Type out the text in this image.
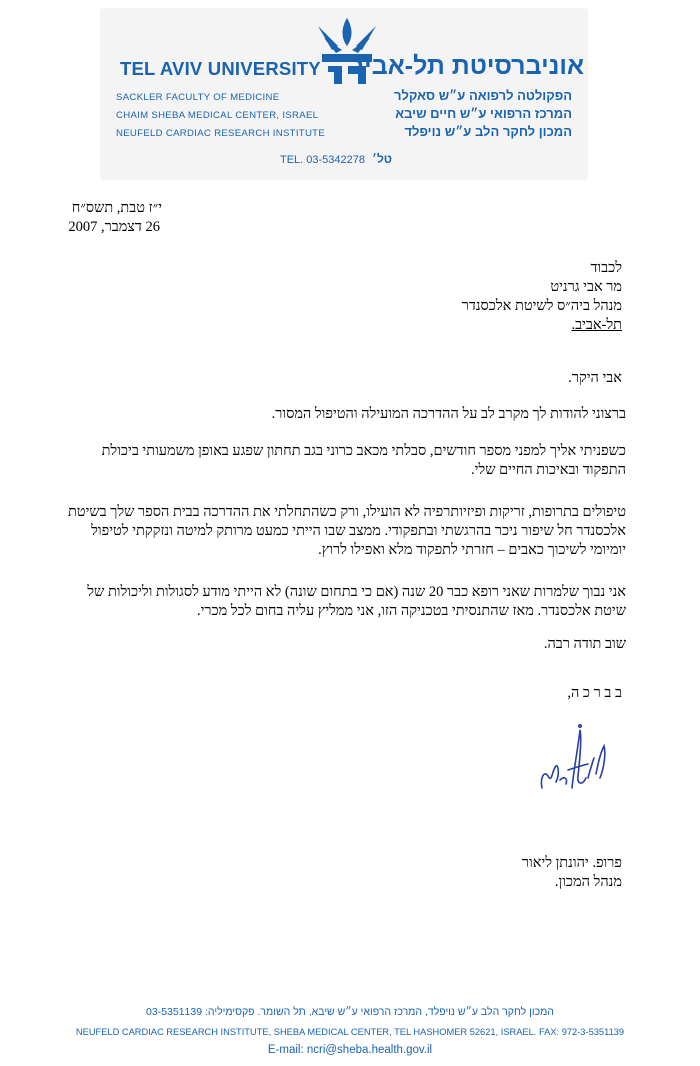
TEL AVIV UNIVERSITY אוניברסיטת תל-אביב
SACKLER FACULTY OF MEDICINE
CHAIM SHEBA MEDICAL CENTER, ISRAEL
NEUFELD CARDIAC RESEARCH INSTITUTE
הפקולטה לרפואה ע״ש סאקלר
המרכז הרפואי ע״ש חיים שיבא
המכון לחקר הלב ע״ש נויפלד
TEL. 03-5342278 טל׳
י״ז טבת, תשס״ח
26 דצמבר, 2007
לכבוד
מר אבי גרניט
מנהל ביה״ס לשיטת אלכסנדר
תל-אביב.
אבי היקר.
ברצוני להודות לך מקרב לב על ההדרכה המועילה והטיפול המסור.
כשפניתי אליך למפני מספר חודשים, סבלתי מכאב כרוני בגב תחתון שפגע באופן משמעותי ביכולת התפקוד ובאיכות החיים שלי.
טיפולים בתרופות, זריקות ופיזיותרפיה לא הועילו, ורק כשהתחלתי את ההדרכה בבית הספר שלך בשיטת אלכסנדר חל שיפור ניכר בהרגשתי ובתפקודי. ממצב שבו הייתי כמעט מרותק למיטה ונזקקתי לטיפול יומיומי לשיכוך כאבים – חזרתי לתפקוד מלא ואפילו לרוץ.
אני נבוך שלמרות שאני רופא כבר 20 שנה (אם כי בתחום שונה) לא הייתי מודע לסגולות וליכולות של שיטת אלכסנדר. מאז שהתנסיתי בטכניקה הזו, אני ממליץ עליה בחום לכל מכרי.
שוב תודה רבה.
ב ב ר כ ה,
פרופ. יהונתן ליאור
מנהל המכון.
המכון לחקר הלב ע״ש נויפלד, המרכז הרפואי ע״ש שיבא, תל השומר. פקסימיליה: 03-5351139
NEUFELD CARDIAC RESEARCH INSTITUTE, SHEBA MEDICAL CENTER, TEL HASHOMER 52621, ISRAEL. FAX: 972-3-5351139
E-mail: ncri@sheba.health.gov.il
